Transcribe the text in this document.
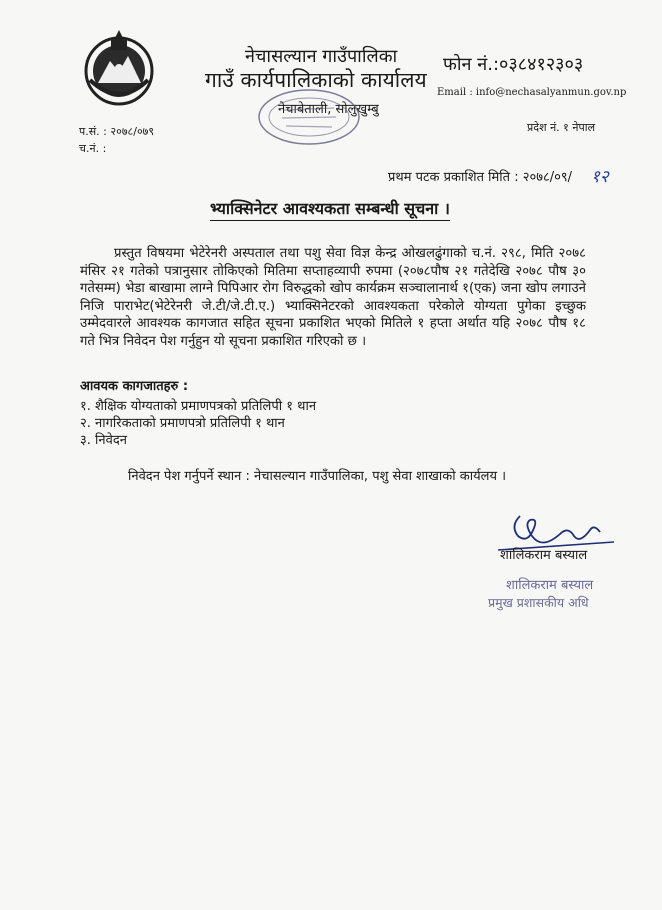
नेचासल्यान गाउँपालिका
गाउँ कार्यपालिकाको कार्यालय
नेचाबेताली, सोलुखुम्बु
फोन नं.:०३८४१२३०३
Email : info@nechasalyanmun.gov.np
प्रदेश नं. १ नेपाल
प.सं. : २०७८/०७९
च.नं. :
प्रथम पटक प्रकाशित मिति : २०७८/०९/ १२
भ्याक्सिनेटर आवश्यकता सम्बन्धी सूचना ।
प्रस्तुत विषयमा भेटेरेनरी अस्पताल तथा पशु सेवा विज्ञ केन्द्र ओखलढुंगाको च.नं. २९८, मिति २०७८ मंसिर २१ गतेको पत्रानुसार तोकिएको मितिमा सप्ताहव्यापी रुपमा (२०७८पौष २१ गतेदेखि २०७८ पौष ३० गतेसम्म) भेडा बाखामा लाग्ने पिपिआर रोग विरुद्धको खोप कार्यक्रम सञ्चालानार्थ १(एक) जना खोप लगाउने निजि पाराभेट(भेटेरेनरी जे.टी/जे.टी.ए.) भ्याक्सिनेटरको आवश्यकता परेकोले योग्यता पुगेका इच्छुक उम्मेदवारले आवश्यक कागजात सहित सूचना प्रकाशित भएको मितिले १ हप्ता अर्थात यहि २०७८ पौष १८ गते भित्र निवेदन पेश गर्नुहुन यो सूचना प्रकाशित गरिएको छ ।
आवयक कागजातहरु :
१. शैक्षिक योग्यताको प्रमाणपत्रको प्रतिलिपी १ थान
२. नागरिकताको प्रमाणपत्रो प्रतिलिपी १ थान
३. निवेदन
निवेदन पेश गर्नुपर्ने स्थान : नेचासल्यान गाउँपालिका, पशु सेवा शाखाको कार्यलय ।
शालिकराम बस्याल
शालिकराम बस्याल
प्रमुख प्रशासकीय अधि
